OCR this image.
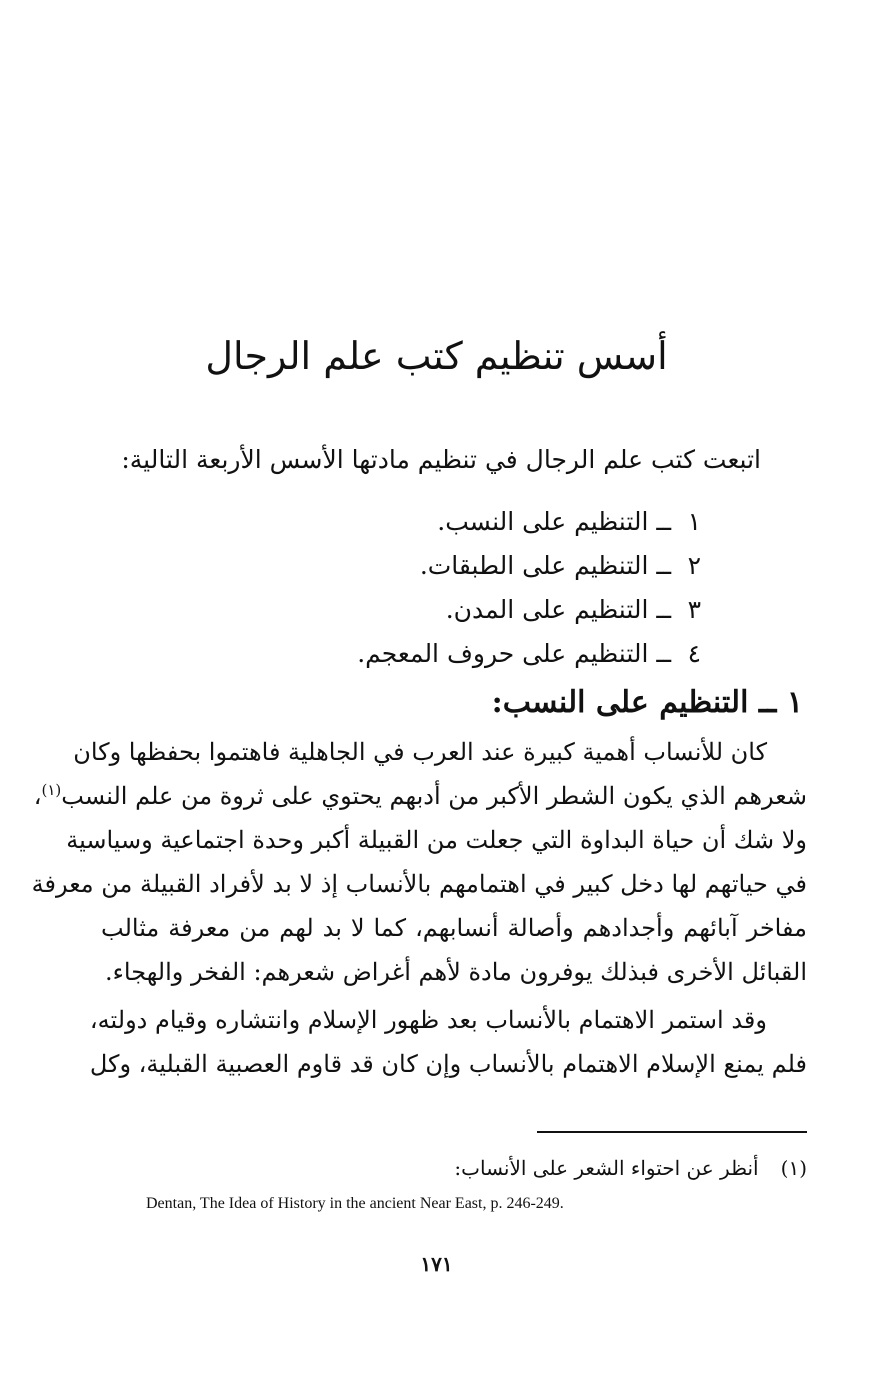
أسس تنظيم كتب علم الرجال
اتبعت كتب علم الرجال في تنظيم مادتها الأسس الأربعة التالية:
١ ــ التنظيم على النسب.
٢ ــ التنظيم على الطبقات.
٣ ــ التنظيم على المدن.
٤ ــ التنظيم على حروف المعجم.
١ ــ التنظيم على النسب:
كان للأنساب أهمية كبيرة عند العرب في الجاهلية فاهتموا بحفظها وكان
شعرهم الذي يكون الشطر الأكبر من أدبهم يحتوي على ثروة من علم النسب$^{(١)}$،
ولا شك أن حياة البداوة التي جعلت من القبيلة أكبر وحدة اجتماعية وسياسية
في حياتهم لها دخل كبير في اهتمامهم بالأنساب إذ لا بد لأفراد القبيلة من معرفة
مفاخر آبائهم وأجدادهم وأصالة أنسابهم، كما لا بد لهم من معرفة مثالب
القبائل الأخرى فبذلك يوفرون مادة لأهم أغراض شعرهم: الفخر والهجاء.
وقد استمر الاهتمام بالأنساب بعد ظهور الإسلام وانتشاره وقيام دولته،
فلم يمنع الإسلام الاهتمام بالأنساب وإن كان قد قاوم العصبية القبلية، وكل
(١)أنظر عن احتواء الشعر على الأنساب:
Dentan, The Idea of History in the ancient Near East, p. 246-249.
١٧١
